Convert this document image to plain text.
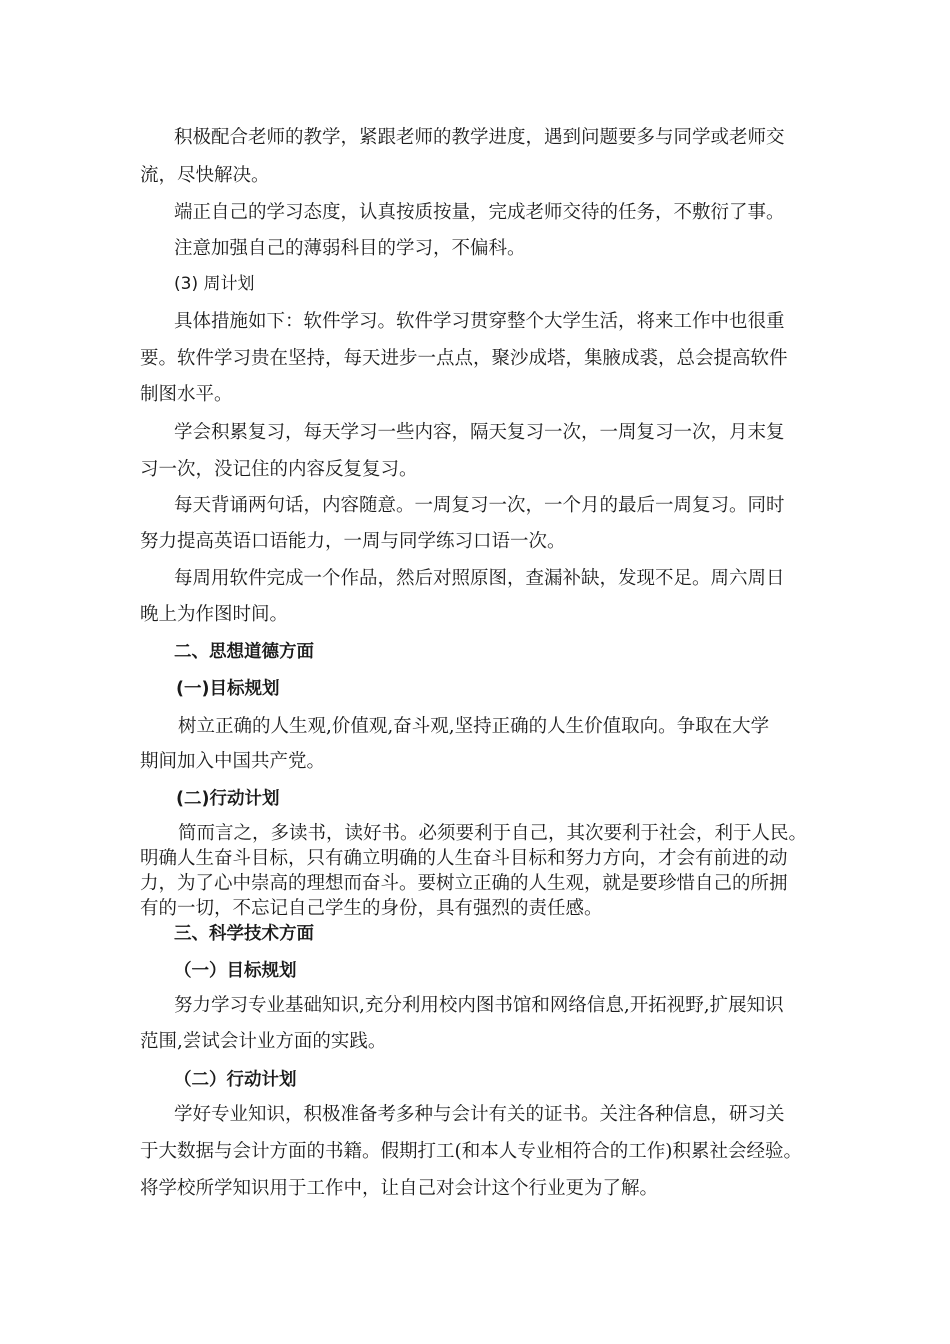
积极配合老师的教学，紧跟老师的教学进度，遇到问题要多与同学或老师交
流，尽快解决。
端正自己的学习态度，认真按质按量，完成老师交待的任务，不敷衍了事。
注意加强自己的薄弱科目的学习，不偏科。
(3) 周计划
具体措施如下：软件学习。软件学习贯穿整个大学生活，将来工作中也很重
要。软件学习贵在坚持，每天进步一点点，聚沙成塔，集腋成裘，总会提高软件
制图水平。
学会积累复习，每天学习一些内容，隔天复习一次，一周复习一次，月末复
习一次，没记住的内容反复复习。
每天背诵两句话，内容随意。一周复习一次，一个月的最后一周复习。同时
努力提高英语口语能力，一周与同学练习口语一次。
每周用软件完成一个作品，然后对照原图，查漏补缺，发现不足。周六周日
晚上为作图时间。
二、思想道德方面
(一)目标规划
树立正确的人生观,价值观,奋斗观,坚持正确的人生价值取向。争取在大学
期间加入中国共产党。
(二)行动计划
简而言之，多读书，读好书。必须要利于自己，其次要利于社会，利于人民。
明确人生奋斗目标，只有确立明确的人生奋斗目标和努力方向，才会有前进的动
力，为了心中崇高的理想而奋斗。要树立正确的人生观，就是要珍惜自己的所拥
有的一切，不忘记自己学生的身份，具有强烈的责任感。
三、科学技术方面
（一）目标规划
努力学习专业基础知识,充分利用校内图书馆和网络信息,开拓视野,扩展知识
范围,尝试会计业方面的实践。
（二）行动计划
学好专业知识，积极准备考多种与会计有关的证书。关注各种信息，研习关
于大数据与会计方面的书籍。假期打工(和本人专业相符合的工作)积累社会经验。
将学校所学知识用于工作中，让自己对会计这个行业更为了解。
